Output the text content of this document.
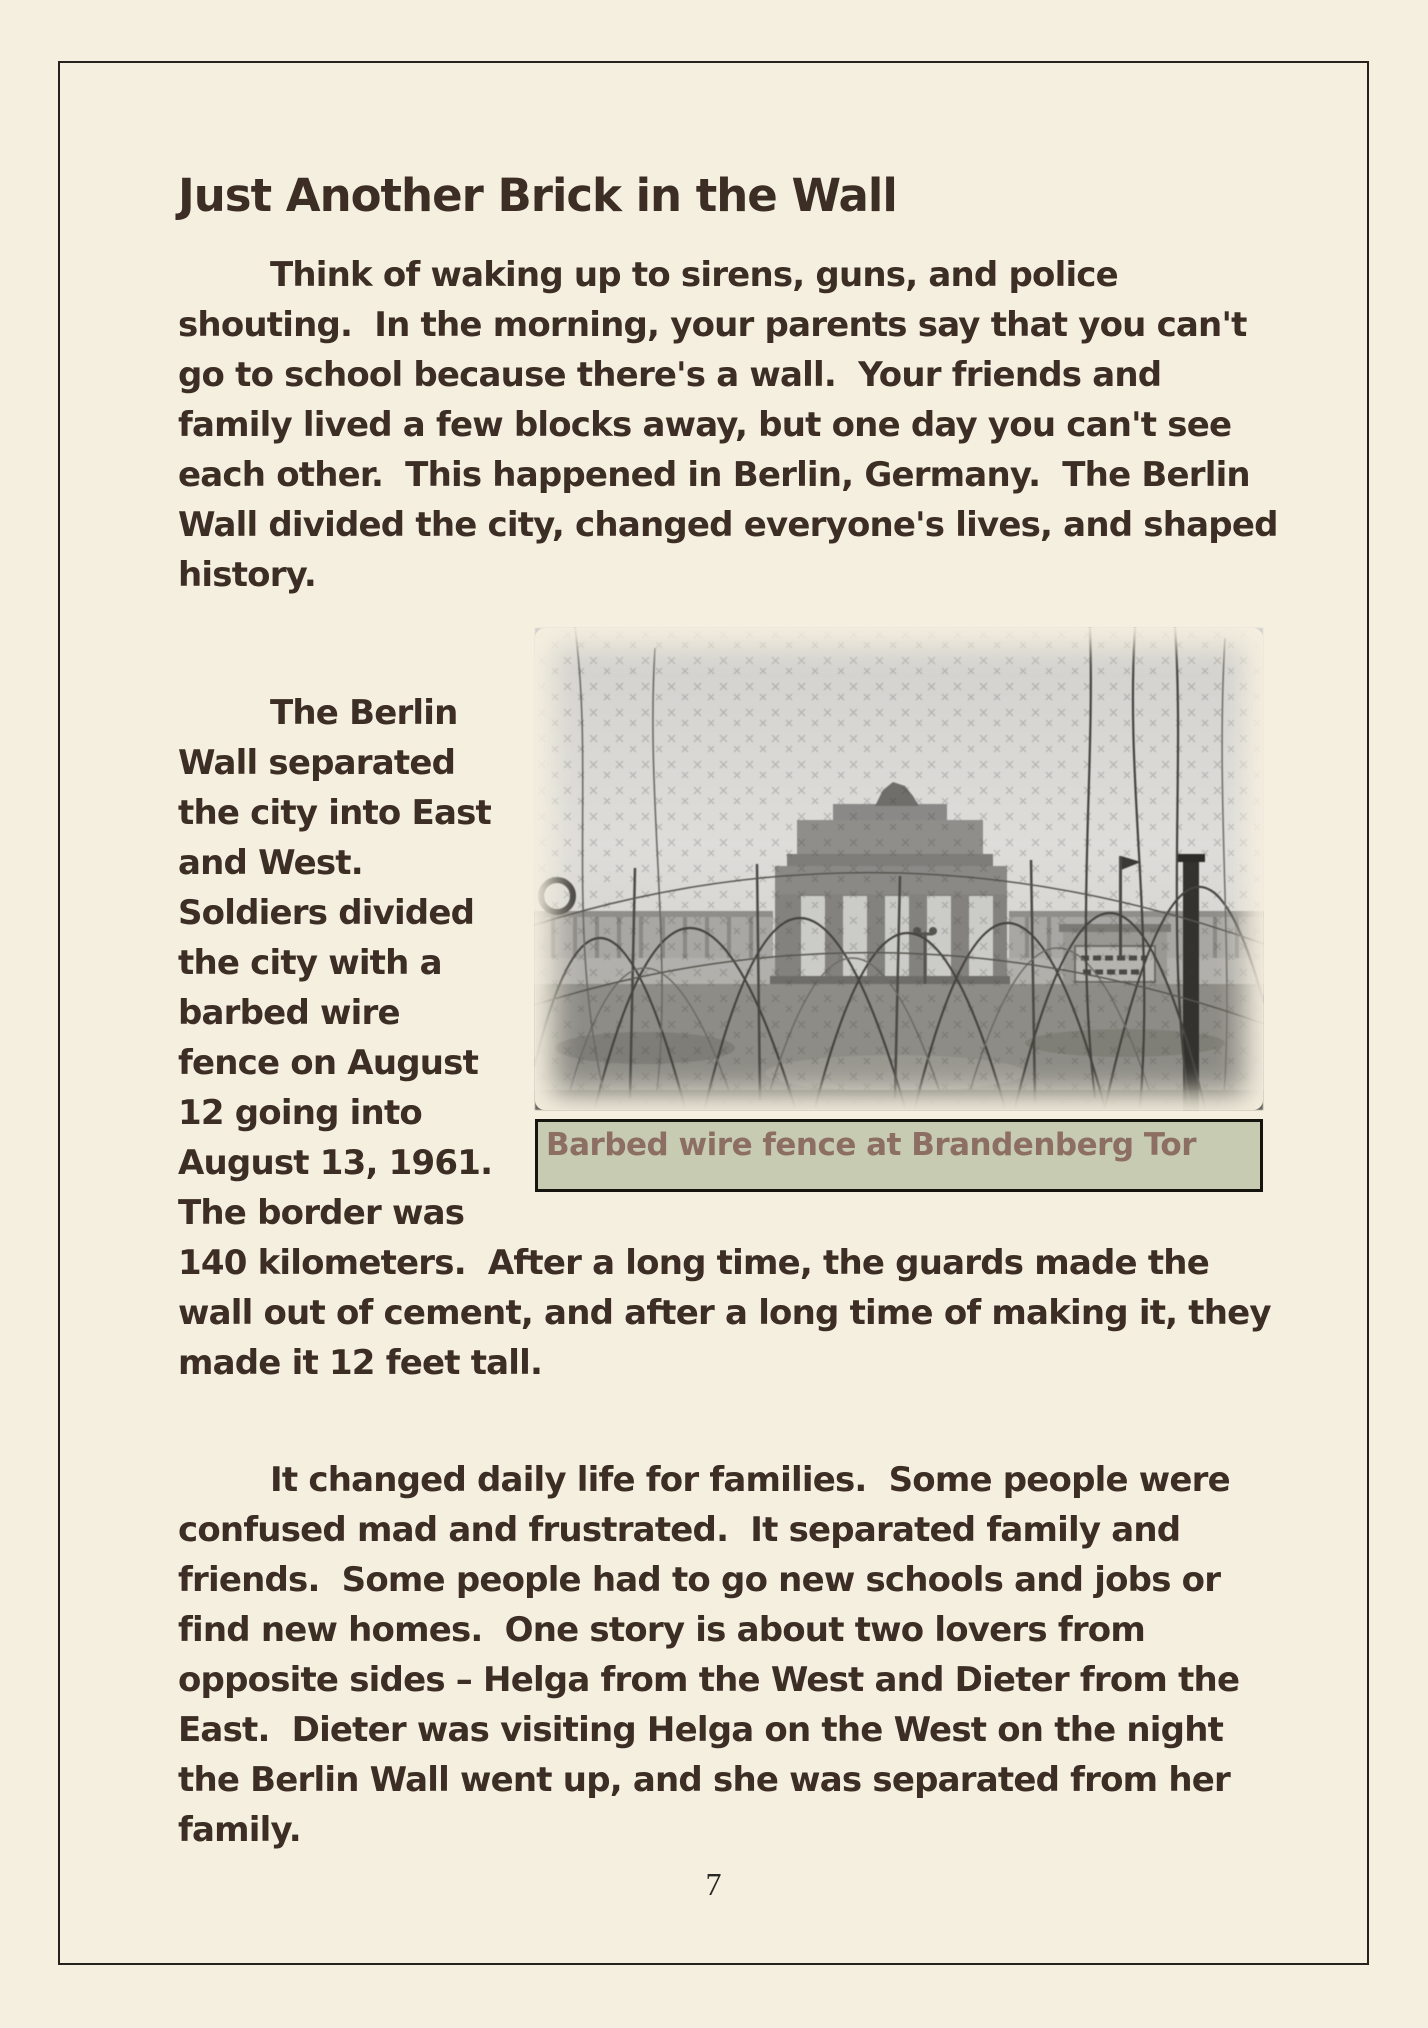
Just Another Brick in the Wall
Think of waking up to sirens, guns, and police
shouting.  In the morning, your parents say that you can't
go to school because there's a wall.  Your friends and
family lived a few blocks away, but one day you can't see
each other.  This happened in Berlin, Germany.  The Berlin
Wall divided the city, changed everyone's lives, and shaped
history.
The Berlin
Wall separated
the city into East
and West.
Soldiers divided
the city with a
barbed wire
fence on August
12 going into
August 13, 1961.
The border was
140 kilometers.  After a long time, the guards made the
wall out of cement, and after a long time of making it, they
made it 12 feet tall.
It changed daily life for families.  Some people were
confused mad and frustrated.  It separated family and
friends.  Some people had to go new schools and jobs or
find new homes.  One story is about two lovers from
opposite sides – Helga from the West and Dieter from the
East.  Dieter was visiting Helga on the West on the night
the Berlin Wall went up, and she was separated from her
family.
Barbed wire fence at Brandenberg Tor
7
